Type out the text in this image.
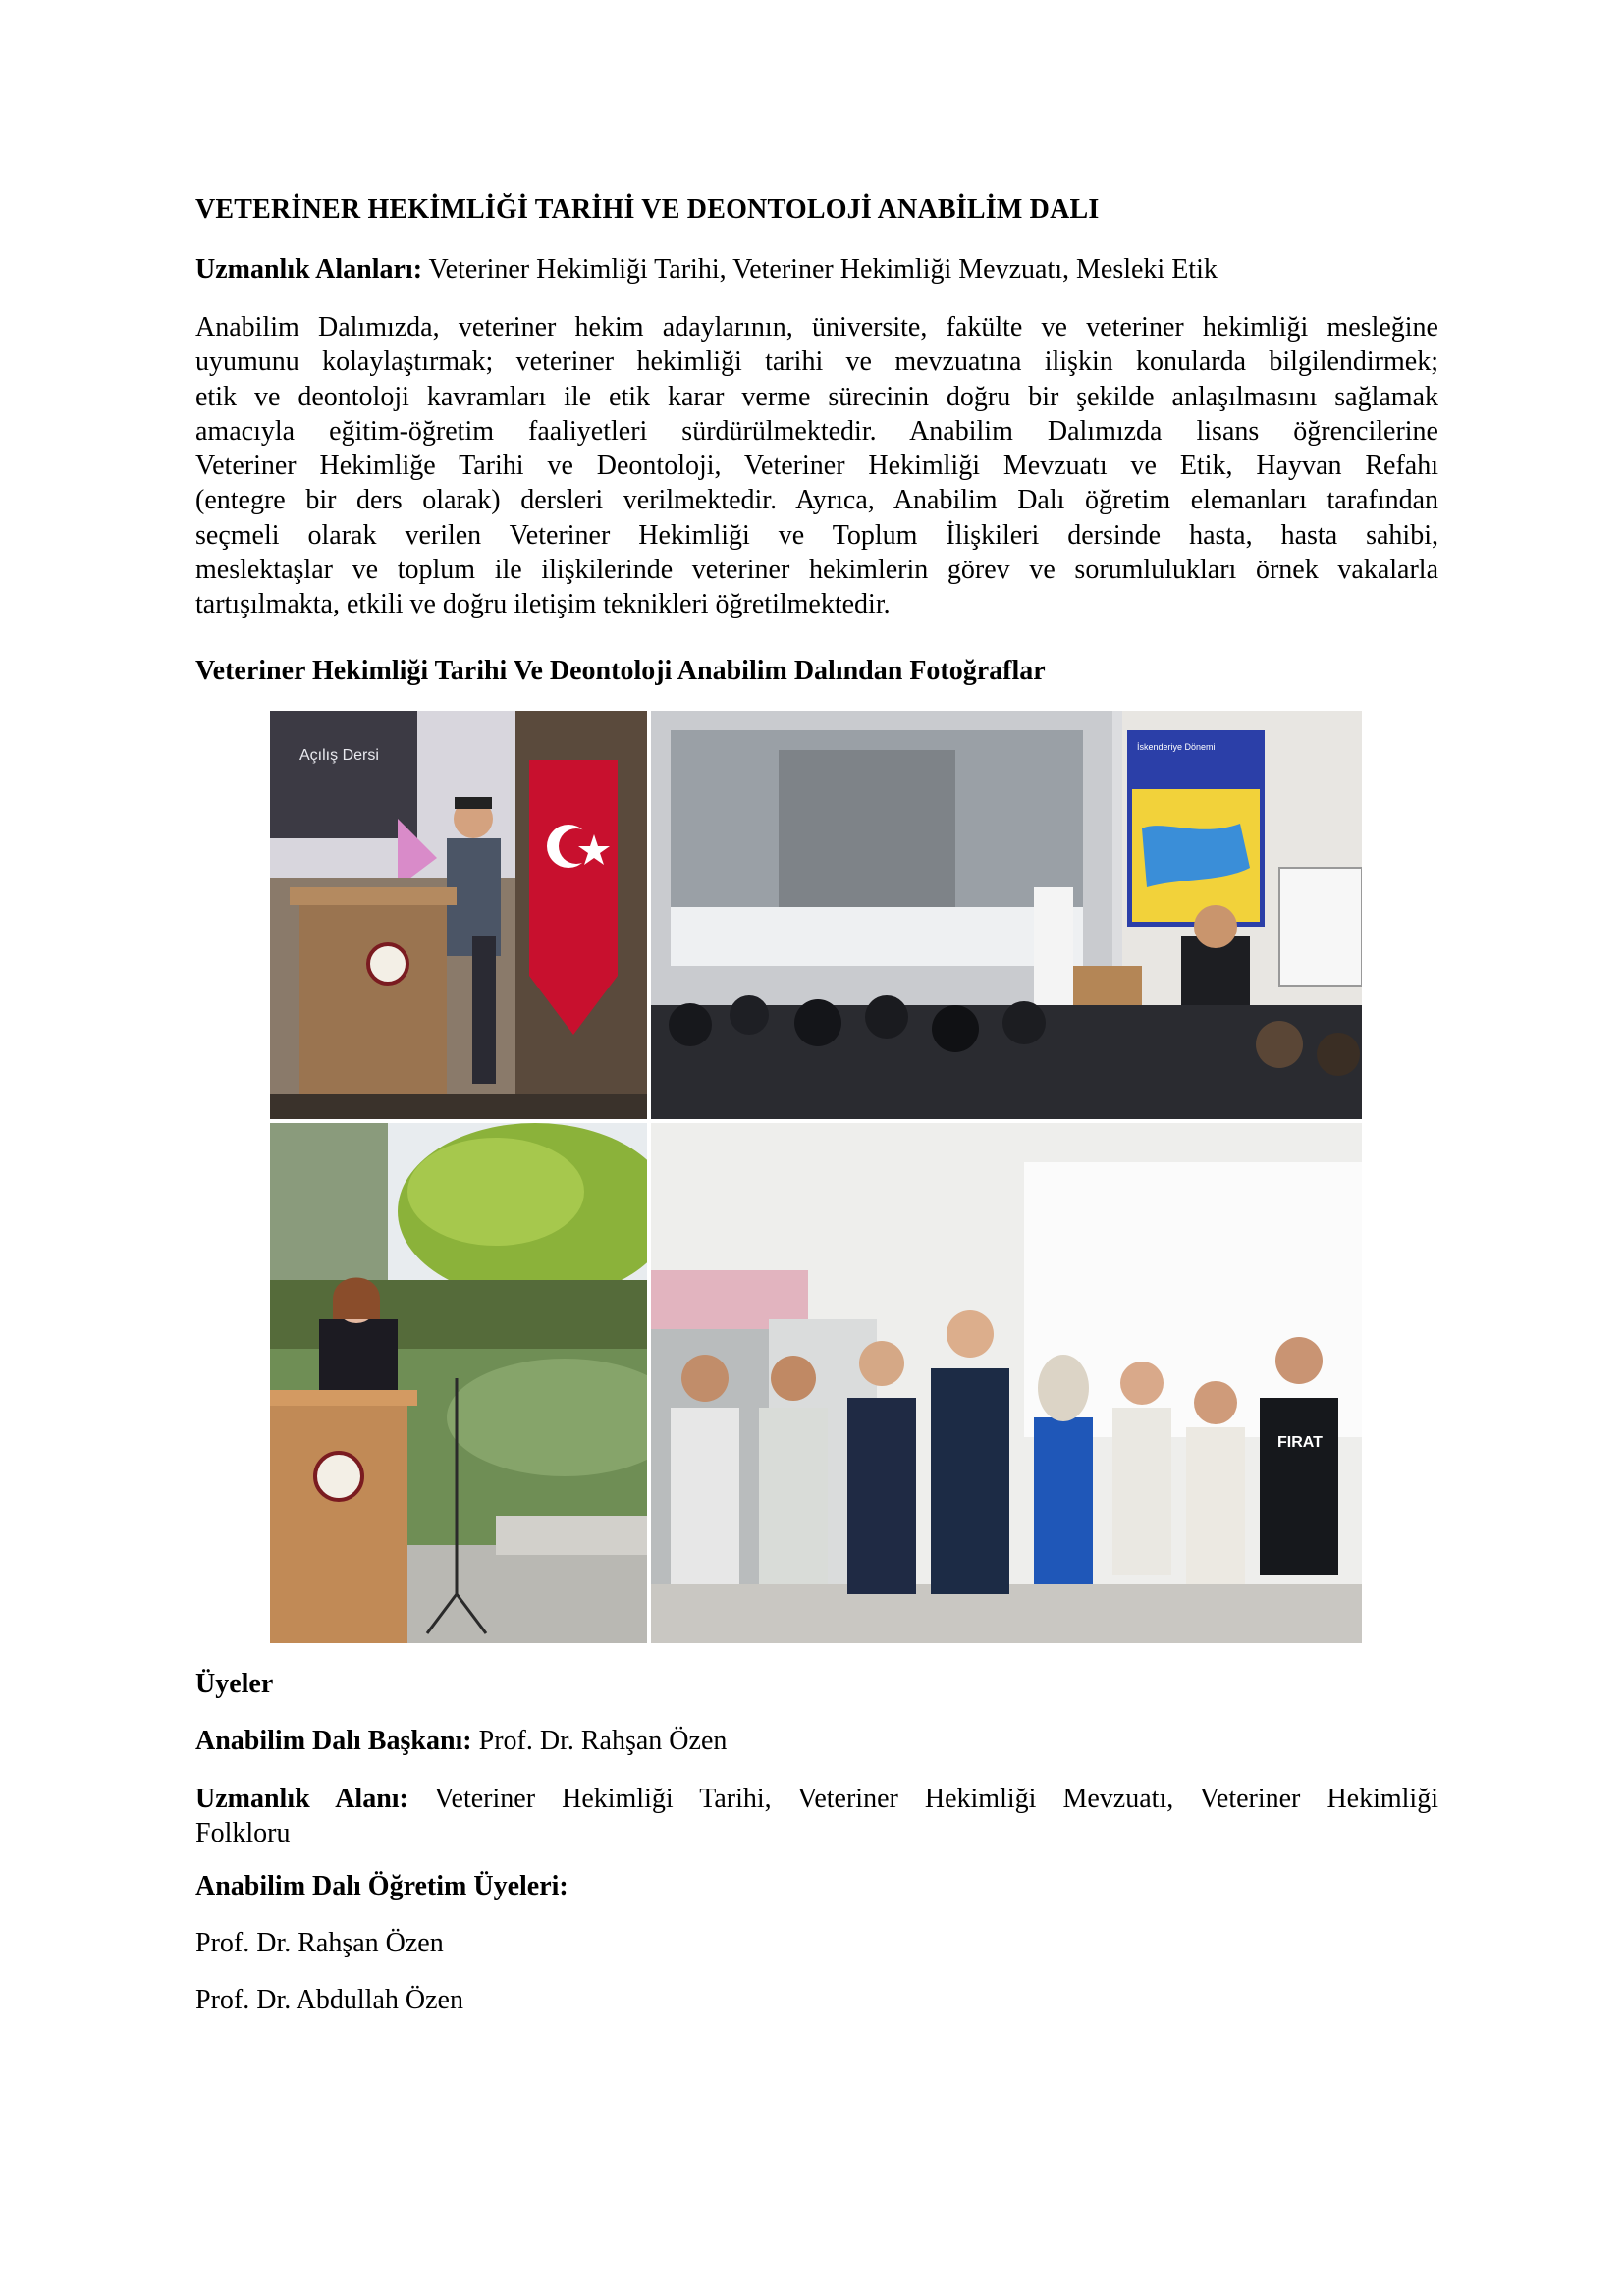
VETERİNER HEKİMLİĞİ TARİHİ VE DEONTOLOJİ ANABİLİM DALI
Uzmanlık Alanları: Veteriner Hekimliği Tarihi, Veteriner Hekimliği Mevzuatı, Mesleki Etik
Anabilim Dalımızda, veteriner hekim adaylarının, üniversite, fakülte ve veteriner hekimliği mesleğine
uyumunu kolaylaştırmak; veteriner hekimliği tarihi ve mevzuatına ilişkin konularda bilgilendirmek;
etik ve deontoloji kavramları ile etik karar verme sürecinin doğru bir şekilde anlaşılmasını sağlamak
amacıyla eğitim-öğretim faaliyetleri sürdürülmektedir. Anabilim Dalımızda lisans öğrencilerine
Veteriner Hekimliğe Tarihi ve Deontoloji, Veteriner Hekimliği Mevzuatı ve Etik, Hayvan Refahı
(entegre bir ders olarak) dersleri verilmektedir. Ayrıca, Anabilim Dalı öğretim elemanları tarafından
seçmeli olarak verilen Veteriner Hekimliği ve Toplum İlişkileri dersinde hasta, hasta sahibi,
meslektaşlar ve toplum ile ilişkilerinde veteriner hekimlerin görev ve sorumlulukları örnek vakalarla
tartışılmakta, etkili ve doğru iletişim teknikleri öğretilmektedir.
Veteriner Hekimliği Tarihi Ve Deontoloji Anabilim Dalından Fotoğraflar
Açılış Dersi	İskenderiye Dönemi
FIRAT
Üyeler
Anabilim Dalı Başkanı: Prof. Dr. Rahşan Özen
Uzmanlık Alanı: Veteriner Hekimliği Tarihi, Veteriner Hekimliği Mevzuatı, Veteriner Hekimliği
Folkloru
Anabilim Dalı Öğretim Üyeleri:
Prof. Dr. Rahşan Özen
Prof. Dr. Abdullah Özen
